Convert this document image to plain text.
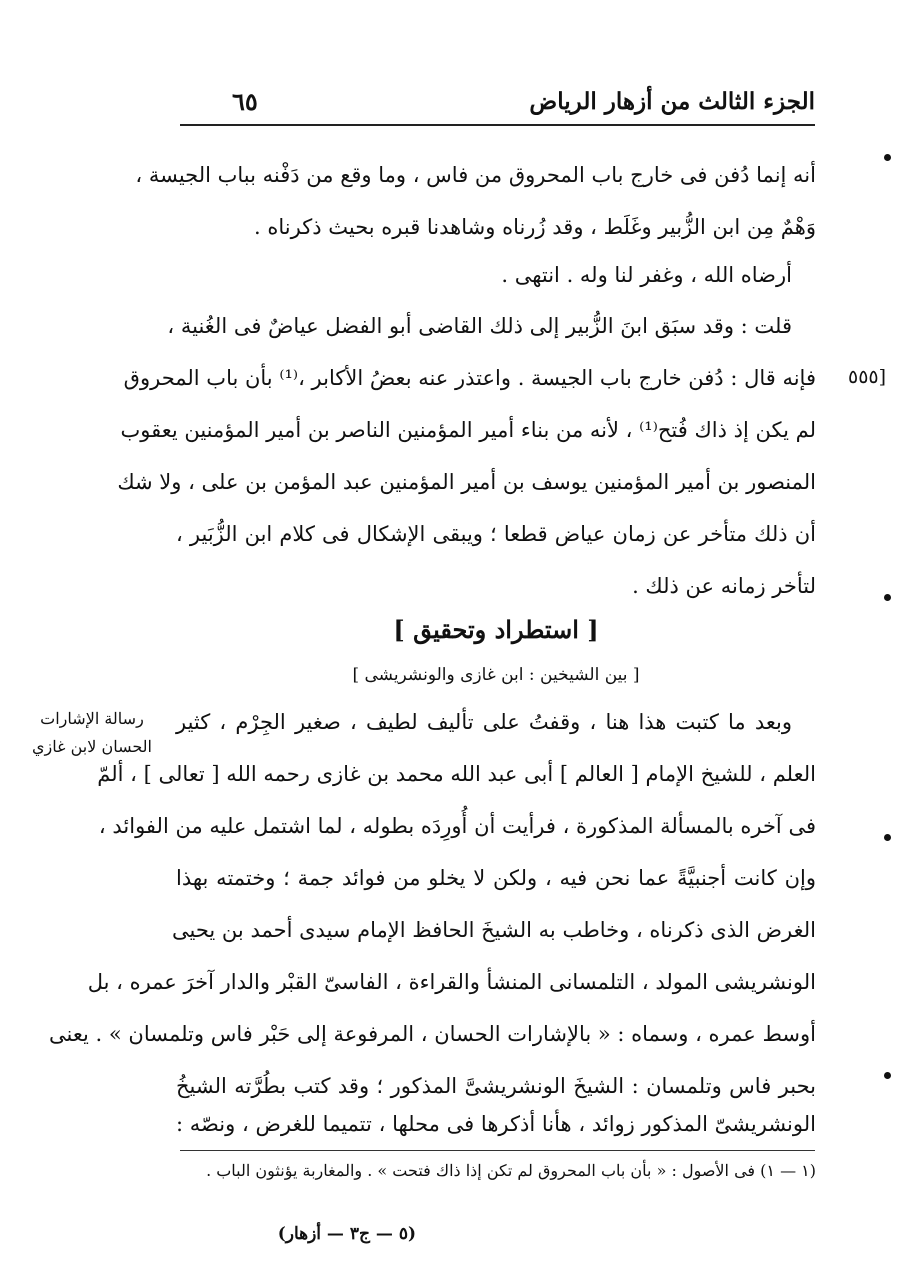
الجزء الثالث من أزهار الرياض
٦٥
[٥٥٥
رسالة الإشارات الحسان لابن غازي
أنه إنما دُفن فى خارج باب المحروق من فاس ، وما وقع من دَفْنه بباب الجيسة ،
وَهْمٌ مِن ابن الزُّبير وغَلَط ، وقد زُرناه وشاهدنا قبره بحيث ذكرناه .
أرضاه الله ، وغفر لنا وله . انتهى .
قلت : وقد سبَق ابنَ الزُّبير إلى ذلك القاضى أبو الفضل عياضٌ فى الغُنية ،
فإنه قال : دُفن خارج باب الجيسة . واعتذر عنه بعضُ الأكابر ،⁽¹⁾ بأن باب المحروق
لم يكن إذ ذاك فُتح⁽¹⁾ ، لأنه من بناء أمير المؤمنين الناصر بن أمير المؤمنين يعقوب
المنصور بن أمير المؤمنين يوسف بن أمير المؤمنين عبد المؤمن بن على ، ولا شك
أن ذلك متأخر عن زمان عياض قطعا ؛ ويبقى الإشكال فى كلام ابن الزُّبَير ،
لتأخر زمانه عن ذلك .
[ استطراد وتحقيق ]
[ بين الشيخين : ابن غازى والونشريشى ]
وبعد ما كتبت هذا هنا ، وقفتُ على تأليف لطيف ، صغير الجِرْم ، كثير
العلم ، للشيخ الإمام [ العالم ] أبى عبد الله محمد بن غازى رحمه الله [ تعالى ] ، ألمّ
فى آخره بالمسألة المذكورة ، فرأيت أن أُورِدَه بطوله ، لما اشتمل عليه من الفوائد ،
وإن كانت أجنبيَّةً عما نحن فيه ، ولكن لا يخلو من فوائد جمة ؛ وختمته بهذا
الغرض الذى ذكرناه ، وخاطب به الشيخَ الحافظ الإمام سيدى أحمد بن يحيى
الونشريشى المولد ، التلمسانى المنشأ والقراءة ، الفاسىّ القبْر والدار آخرَ عمره ، بل
أوسط عمره ، وسماه : « بالإشارات الحسان ، المرفوعة إلى حَبْر فاس وتلمسان » . يعنى
بحبر فاس وتلمسان : الشيخَ الونشريشىَّ المذكور ؛ وقد كتب بطُرَّته الشيخُ
الونشريشىّ المذكور زوائد ، هأنا أذكرها فى محلها ، تتميما للغرض ، ونصّه :
(١ — ١) فى الأصول : « بأن باب المحروق لم تكن إذا ذاك فتحت » . والمغاربة يؤنثون الباب .
(٥ — ج٣ — أزهار)
